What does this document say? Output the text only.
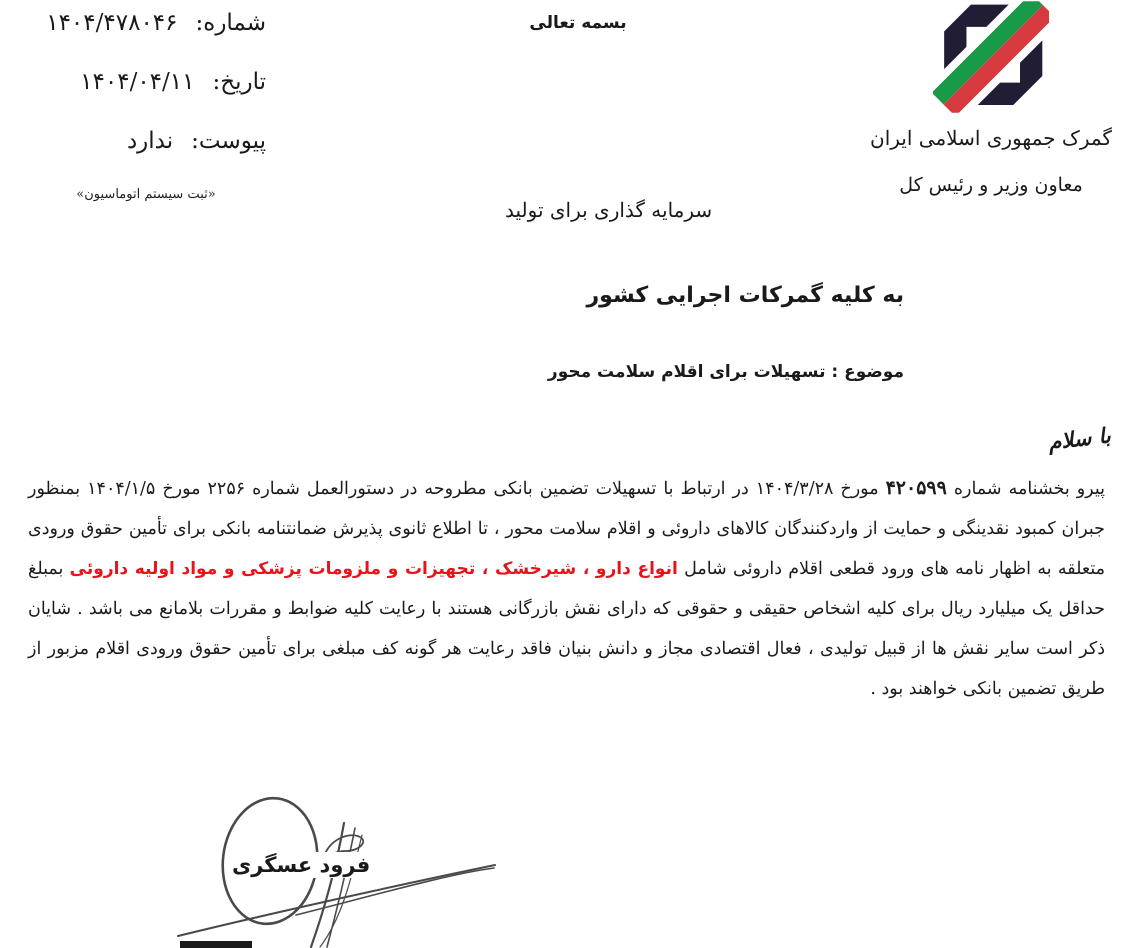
شماره:
۱۴۰۴/۴۷۸۰۴۶
تاریخ:
۱۴۰۴/۰۴/۱۱
پیوست:
ندارد
«ثبت سیستم اتوماسیون»
بسمه تعالی
گمرک جمهوری اسلامی ایران
معاون وزیر و رئیس کل
سرمایه گذاری برای تولید
به کلیه گمرکات اجرایی کشور
موضوع : تسهیلات برای اقلام سلامت محور
با سلام

پیرو بخشنامه شماره ۴۲۰۵۹۹ مورخ ۱۴۰۴/۳/۲۸ در ارتباط با تسهیلات تضمین بانکی مطروحه در دستورالعمل شماره ۲۲۵۶ مورخ ۱۴۰۴/۱/۵ بمنظور جبران کمبود نقدینگی و حمایت از واردکنندگان کالاهای داروئی و اقلام سلامت محور ، تا اطلاع ثانوی پذیرش ضمانتنامه بانکی برای تأمین حقوق ورودی متعلقه به اظهار نامه های ورود قطعی اقلام داروئی شامل انواع دارو ، شیرخشک ، تجهیزات و ملزومات پزشکی و مواد اولیه داروئی بمبلغ حداقل یک میلیارد ریال برای کلیه اشخاص حقیقی و حقوقی که دارای نقش بازرگانی هستند با رعایت کلیه ضوابط و مقررات بلامانع می باشد . شایان ذکر است سایر نقش ها از قبیل تولیدی ، فعال اقتصادی مجاز و دانش بنیان فاقد رعایت هر گونه کف مبلغی برای تأمین حقوق ورودی اقلام مزبور از طریق تضمین بانکی خواهند بود .

فرود عسگری
